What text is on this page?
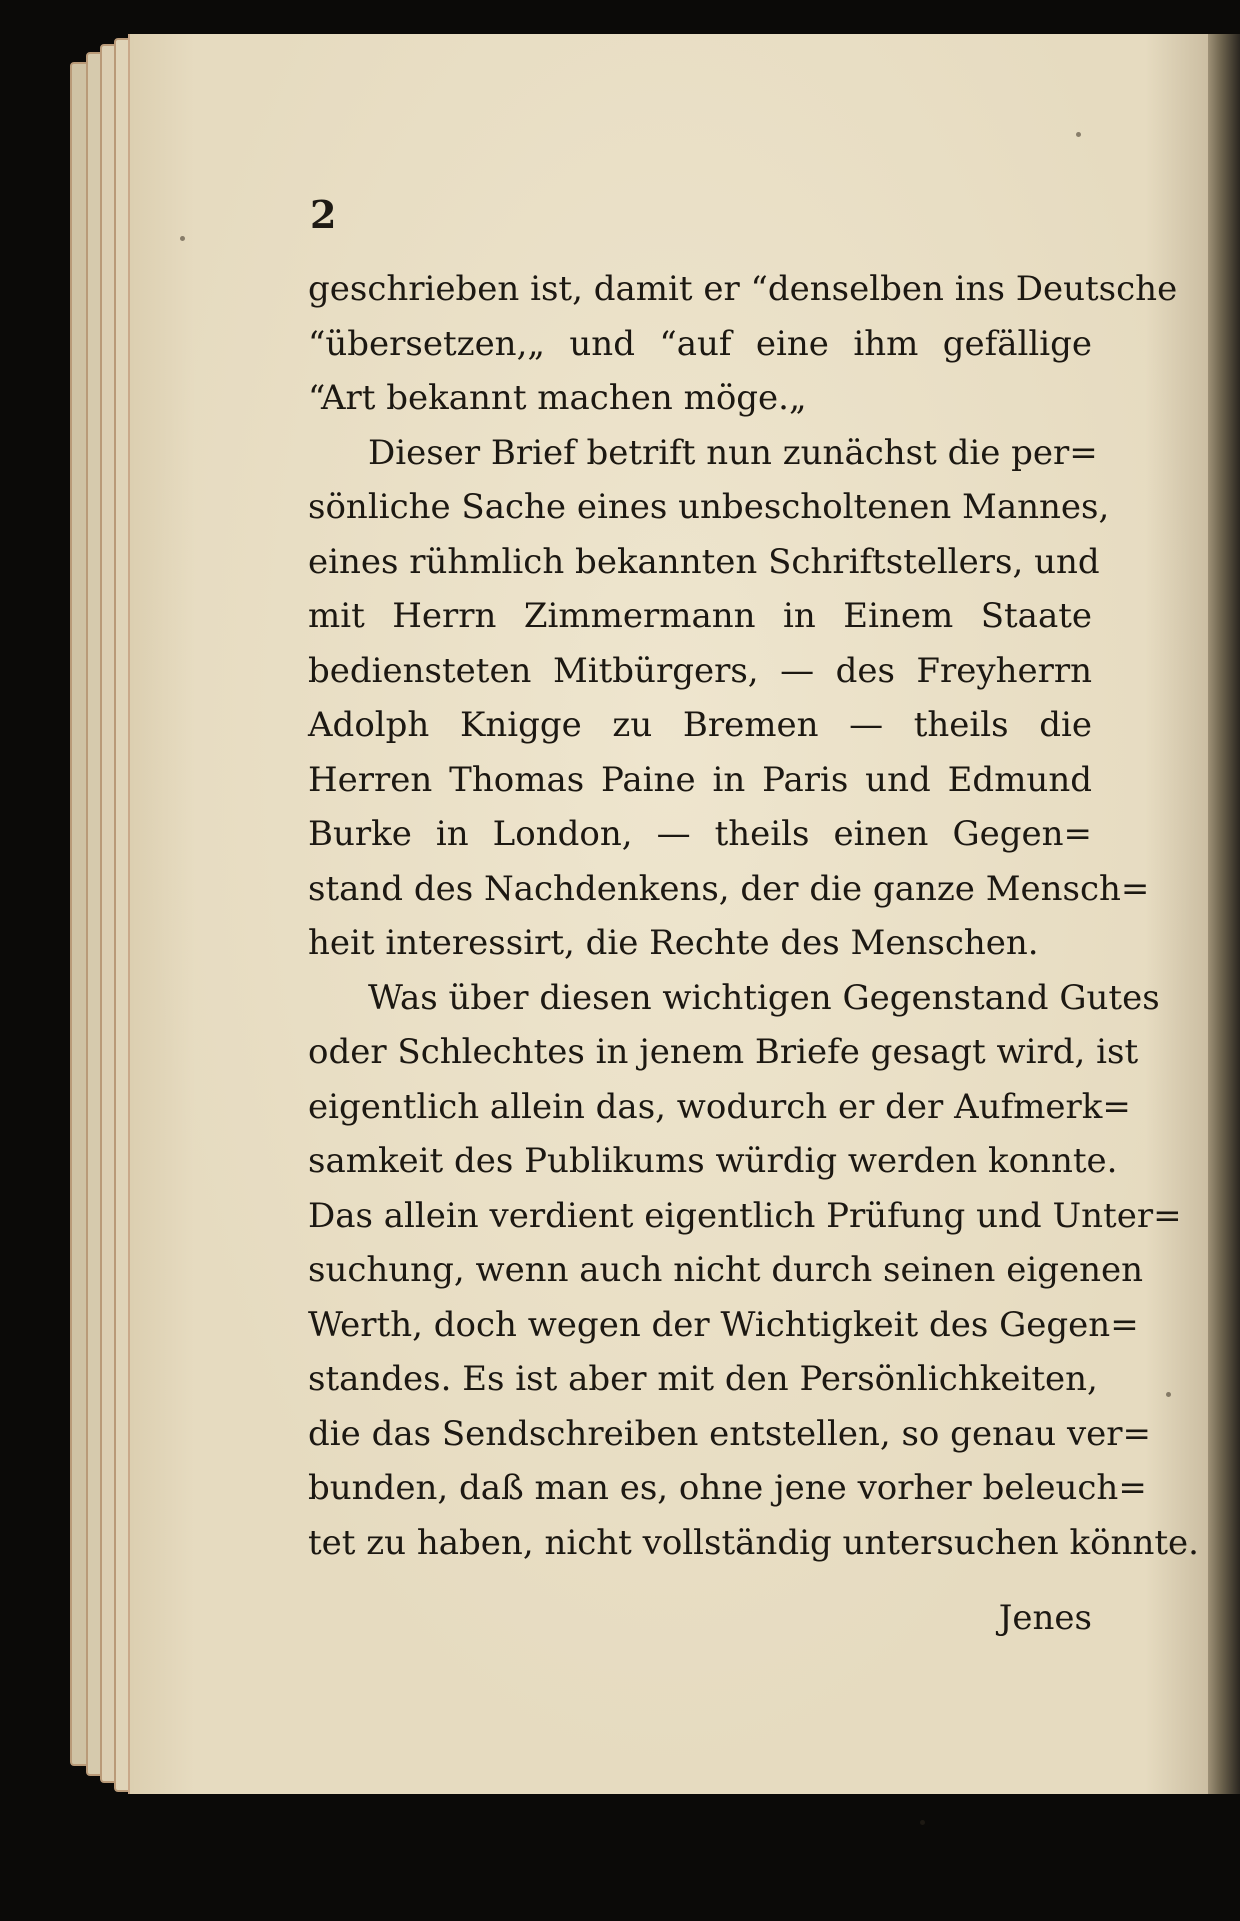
2
geschrieben ist, damit er “denselben ins Deutsche
“übersetzen,„ und “auf eine ihm gefällige
“Art bekannt machen möge.„
Dieser Brief betrift nun zunächst die per=
sönliche Sache eines unbescholtenen Mannes,
eines rühmlich bekannten Schriftstellers, und
mit Herrn Zimmermann in Einem Staate
bediensteten Mitbürgers, — des Freyherrn
Adolph Knigge zu Bremen — theils die
Herren Thomas Paine in Paris und Edmund
Burke in London, — theils einen Gegen=
stand des Nachdenkens, der die ganze Mensch=
heit interessirt, die Rechte des Menschen.
Was über diesen wichtigen Gegenstand Gutes
oder Schlechtes in jenem Briefe gesagt wird, ist
eigentlich allein das, wodurch er der Aufmerk=
samkeit des Publikums würdig werden konnte.
Das allein verdient eigentlich Prüfung und Unter=
suchung, wenn auch nicht durch seinen eigenen
Werth, doch wegen der Wichtigkeit des Gegen=
standes. Es ist aber mit den Persönlichkeiten,
die das Sendschreiben entstellen, so genau ver=
bunden, daß man es, ohne jene vorher beleuch=
tet zu haben, nicht vollständig untersuchen könnte.
Jenes
